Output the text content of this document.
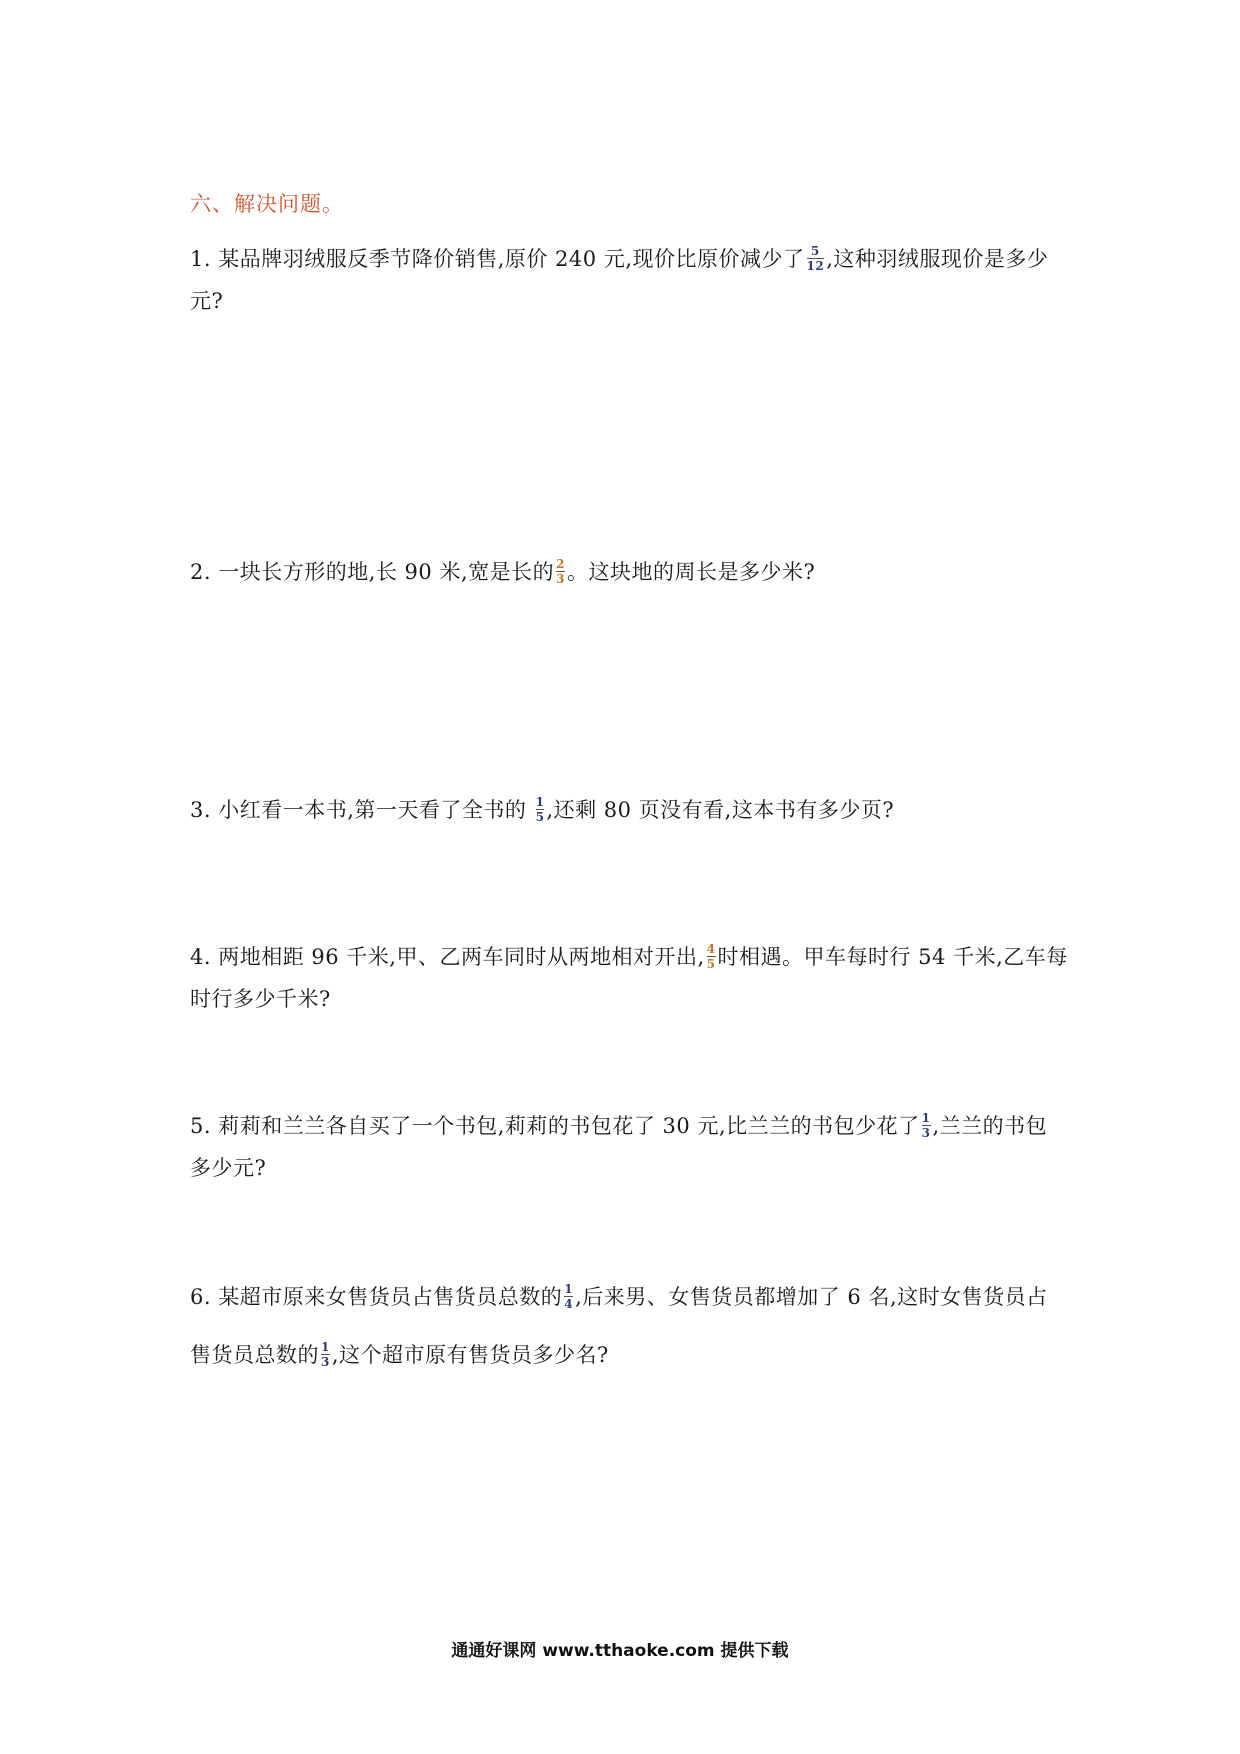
六、解决问题。
1. 某品牌羽绒服反季节降价销售,原价 240 元,现价比原价减少了 $\frac{5}{12}$ ,这种羽绒服现价是多少
元?
2. 一块长方形的地,长 90 米,宽是长的 $\frac{2}{3}$ 。这块地的周长是多少米?
3. 小红看一本书,第一天看了全书的 $\frac{1}{5}$ ,还剩 80 页没有看,这本书有多少页?
4. 两地相距 96 千米,甲、乙两车同时从两地相对开出, $\frac{4}{5}$ 时相遇。甲车每时行 54 千米,乙车每
时行多少千米?
5. 莉莉和兰兰各自买了一个书包,莉莉的书包花了 30 元,比兰兰的书包少花了 $\frac{1}{3}$ ,兰兰的书包
多少元?
6. 某超市原来女售货员占售货员总数的 $\frac{1}{4}$ ,后来男、女售货员都增加了 6 名,这时女售货员占
售货员总数的 $\frac{1}{3}$ ,这个超市原有售货员多少名?
通通好课网 www.tthaoke.com 提供下载
